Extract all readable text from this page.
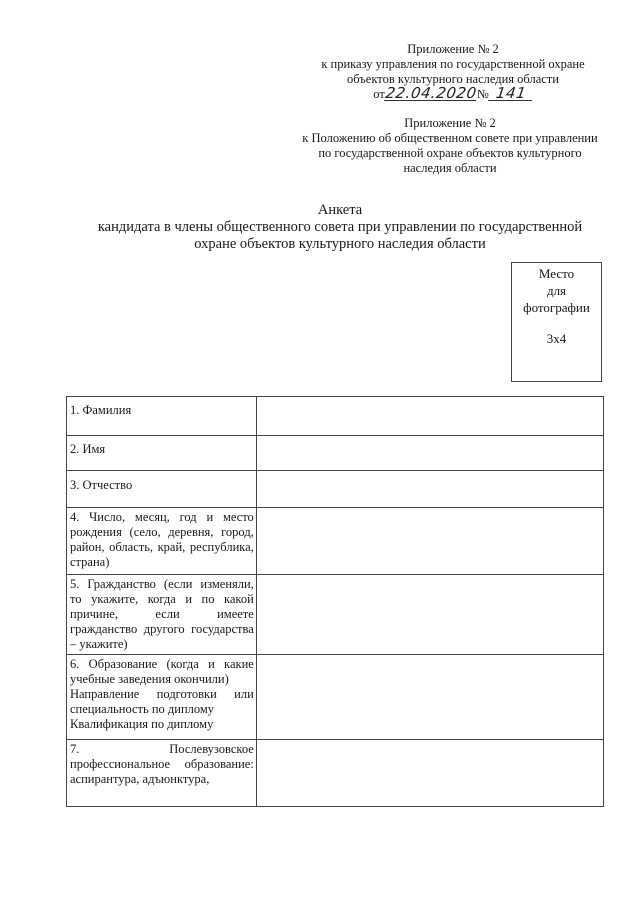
Приложение № 2
к приказу управления по государственной охране
объектов культурного наследия области
от22.04.2020№ 141
Приложение № 2
к Положению об общественном совете при управлении
по государственной охране объектов культурного
наследия области
Анкета
кандидата в члены общественного совета при управлении по государственной
охране объектов культурного наследия области
Место
для
фотографии
3x4
1. Фамилия	
2. Имя	
3. Отчество	
4. Число, месяц, год и место рождения (село, деревня, город, район, область, край, республика, страна)	
5. Гражданство (если изменяли, то укажите, когда и по какой причине, если имеете гражданство другого государства – укажите)	

6. Образование (когда и какие учебные заведения окончили)
Направление подготовки или специальность по диплому
Квалификация по диплому	

7. Послевузовское профессиональное образование: аспирантура, адъюнктура,	
